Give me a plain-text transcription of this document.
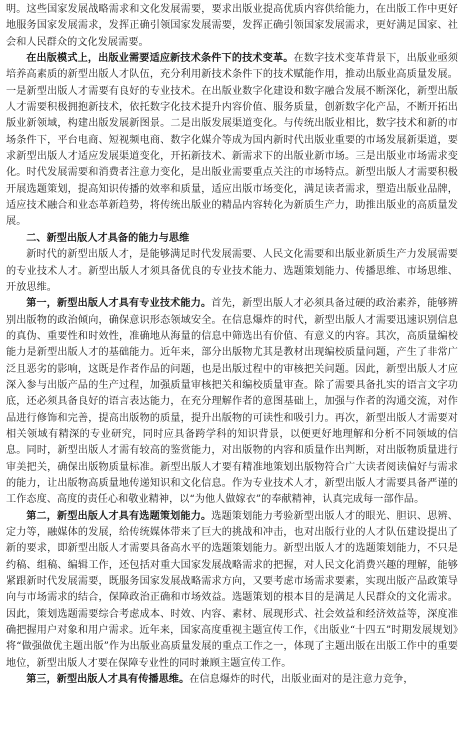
明。这些国家发展战略需求和文化发展需要，要求出版业提高优质内容供给能力，在出版工作中更好地服务国家发展需求，发挥正确引领国家发展需要，发挥正确引领国家发展需求，更好满足国家、社会和人民群众的文化发展需要。

在出版模式上，出版业需要适应新技术条件下的技术变革。在数字技术变革背景下，出版业亟须培养高素质的新型出版人才队伍，充分利用新技术条件下的技术赋能作用，推动出版业高质量发展。一是新型出版人才需要有良好的专业技术。在出版业数字化建设和数字融合发展不断深化，新型出版人才需要积极拥抱新技术，依托数字化技术提升内容价值、服务质量，创新数字化产品，不断开拓出版业新领域，构建出版发展新图景。二是出版发展渠道变化。与传统出版业相比，数字技术和新的市场条件下，平台电商、短视频电商、数字化媒介等成为国内新时代出版业重要的市场发展新渠道，要求新型出版人才适应发展渠道变化，开拓新技术、新需求下的出版业新市场。三是出版业市场需求变化。时代发展需要和消费者注意力变化，是出版业需要重点关注的市场特点。新型出版人才需要积极开展选题策划，提高知识传播的效率和质量，适应出版市场变化，满足读者需求，塑造出版业品牌，适应技术融合和业态革新趋势，将传统出版业的精品内容转化为新质生产力，助推出版业的高质量发展。

二、新型出版人才具备的能力与思维

新时代的新型出版人才，是能够满足时代发展需要、人民文化需要和出版业新质生产力发展需要的专业技术人才。新型出版人才须具备优良的专业技术能力、选题策划能力、传播思维、市场思维、开放思维。

第一，新型出版人才具有专业技术能力。首先，新型出版人才必须具备过硬的政治素养，能够辨别出版物的政治倾向，确保意识形态领域安全。在信息爆炸的时代，新型出版人才需要迅速识别信息的真伪、重要性和时效性，准确地从海量的信息中筛选出有价值、有意义的内容。其次，高质量编校能力是新型出版人才的基础能力。近年来，部分出版物尤其是教材出现编校质量问题，产生了非常广泛且恶劣的影响，这既是作者作品的问题，也是出版过程中的审核把关问题。因此，新型出版人才应深入参与出版产品的生产过程，加强质量审核把关和编校质量审查。除了需要具备扎实的语言文字功底，还必须具备良好的语言表达能力，在充分理解作者的意图基础上，加强与作者的沟通交流，对作品进行修饰和完善，提高出版物的质量，提升出版物的可读性和吸引力。再次，新型出版人才需要对相关领域有精深的专业研究，同时应具备跨学科的知识背景，以便更好地理解和分析不同领域的信息。同时，新型出版人才需有较高的鉴赏能力，对出版物的内容和质量作出判断，对出版物质量进行审美把关，确保出版物质量标准。新型出版人才要有精准地策划出版物符合广大读者阅读偏好与需求的能力，让出版物高质量地传递知识和文化信息。作为专业技术人才，新型出版人才需要具备严谨的工作态度、高度的责任心和敬业精神，以“为他人做嫁衣”的奉献精神，认真完成每一部作品。

第二，新型出版人才具有选题策划能力。选题策划能力考验新型出版人才的眼光、胆识、思辨、定力等，融媒体的发展，给传统媒体带来了巨大的挑战和冲击，也对出版行业的人才队伍建设提出了新的要求，即新型出版人才需要具备高水平的选题策划能力。新型出版人才的选题策划能力，不只是约稿、组稿、编辑工作，还包括对重大国家发展战略需求的把握，对人民文化消费兴趣的理解，能够紧跟新时代发展需要，既服务国家发展战略需求方向，又要考虑市场需求要素，实现出版产品政策导向与市场需求的结合，保障政治正确和市场效益。选题策划的根本目的是满足人民群众的文化需求。因此，策划选题需要综合考虑成本、时效、内容、素材、展现形式、社会效益和经济效益等，深度准确把握用户对象和用户需求。近年来，国家高度重视主题宣传工作，《出版业“十四五”时期发展规划》将“做强做优主题出版”作为出版业高质量发展的重点工作之一，体现了主题出版在出版工作中的重要地位，新型出版人才要在保障专业性的同时兼顾主题宣传工作。

第三，新型出版人才具有传播思维。在信息爆炸的时代，出版业面对的是注意力竞争，
